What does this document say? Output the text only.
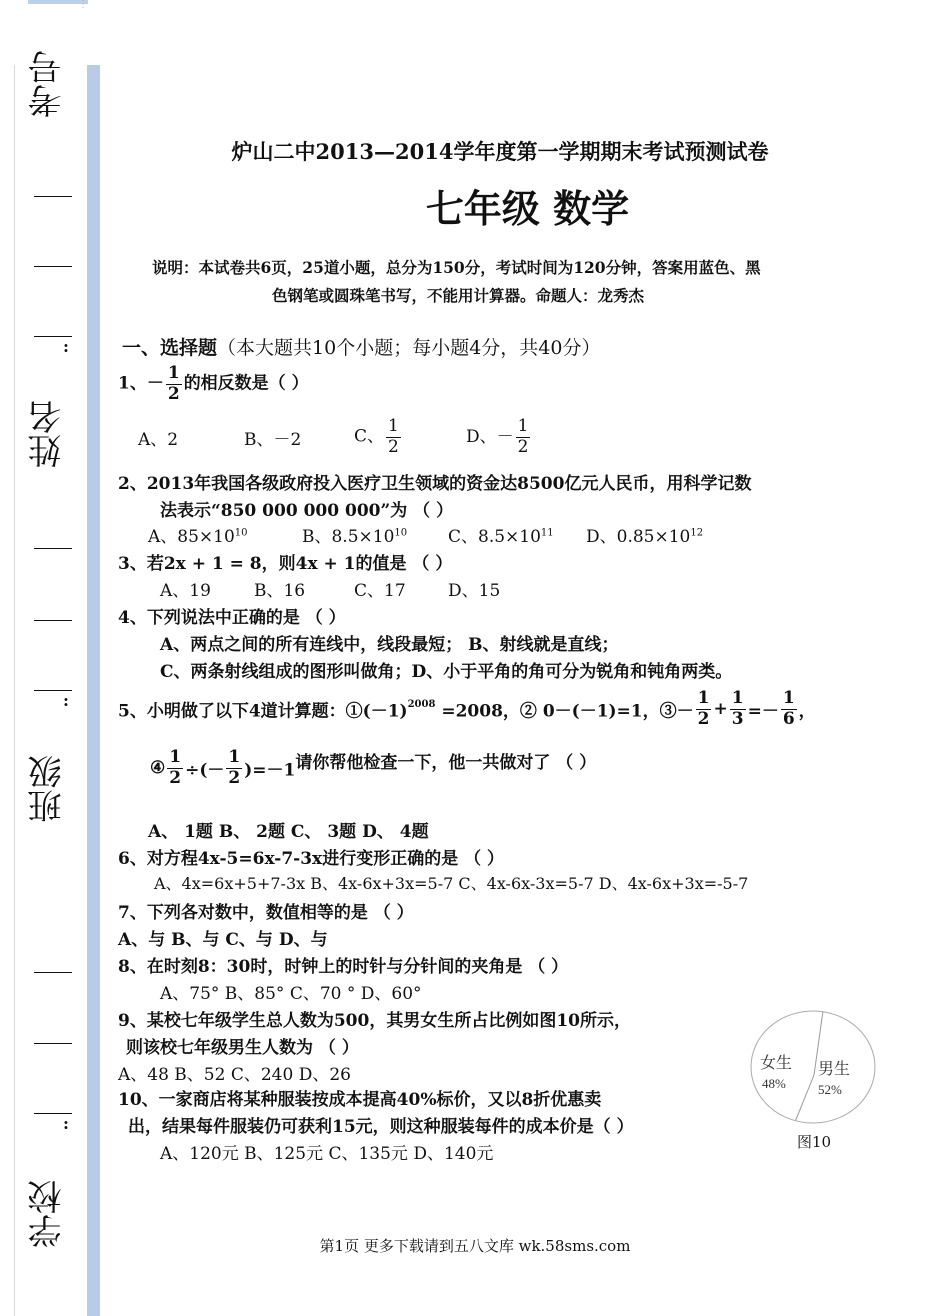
⋮
考号
:
姓名
:
班级
:
学校
炉山二中2013—2014学年度第一学期期末考试预测试卷
七年级 数学
说明：本试卷共6页，25道小题，总分为150分，考试时间为120分钟，答案用蓝色、黑
色钢笔或圆珠笔书写，不能用计算器。命题人：龙秀杰
一、选择题（本大题共10个小题；每小题4分，共40分）
1、－ $\frac{1}{2}$ 的相反数是（ ）
A、2	B、－2	C、 $\frac{1}{2}$	D、－ $\frac{1}{2}$
2、2013年我国各级政府投入医疗卫生领域的资金达8500亿元人民币，用科学记数
法表示“850 000 000 000”为 （ ）
A、$85\times 10^{10}$	B、$8.5\times 10^{10}$ C、$8.5\times 10^{11}$ D、$0.85\times 10^{12}$
3、若2x + 1 = 8，则4x + 1的值是 （ ）
A、19	B、16	C、17 D、15
4、下列说法中正确的是 （ ）
A、两点之间的所有连线中，线段最短； B、射线就是直线；
C、两条射线组成的图形叫做角；D、小于平角的角可分为锐角和钝角两类。
5、小明做了以下4道计算题：$①(-1)^{2008} =2008$，② 0－(－1)=1，③－ $\frac{1}{2} + \frac{1}{3} =- \frac{1}{6}$ ，
④ $\frac{1}{2}$ ÷(－ $\frac{1}{2} )=-1$请你帮他检查一下，他一共做对了 （ ）
A、 1题 B、 2题 C、 3题 D、 4题
6、对方程4x-5=6x-7-3x进行变形正确的是 （ ）
A、4x=6x+5+7-3x B、4x-6x+3x=5-7 C、4x-6x-3x=5-7 D、4x-6x+3x=-5-7
7、下列各对数中，数值相等的是 （ ）
A、与 B、与 C、与 D、与
8、在时刻8：30时，时钟上的时针与分针间的夹角是 （ ）
A、75° B、85° C、70 ° D、60°
9、某校七年级学生总人数为500，其男女生所占比例如图10所示，
则该校七年级男生人数为 （ ）
A、48 B、52 C、240 D、26
10、一家商店将某种服装按成本提高40%标价，又以8折优惠卖
出，结果每件服装仍可获利15元，则这种服装每件的成本价是（ ）
A、120元 B、125元 C、135元 D、140元
女生
48%
男生
52%
图10
第1页 更多下载请到五八文库 wk.58sms.com
